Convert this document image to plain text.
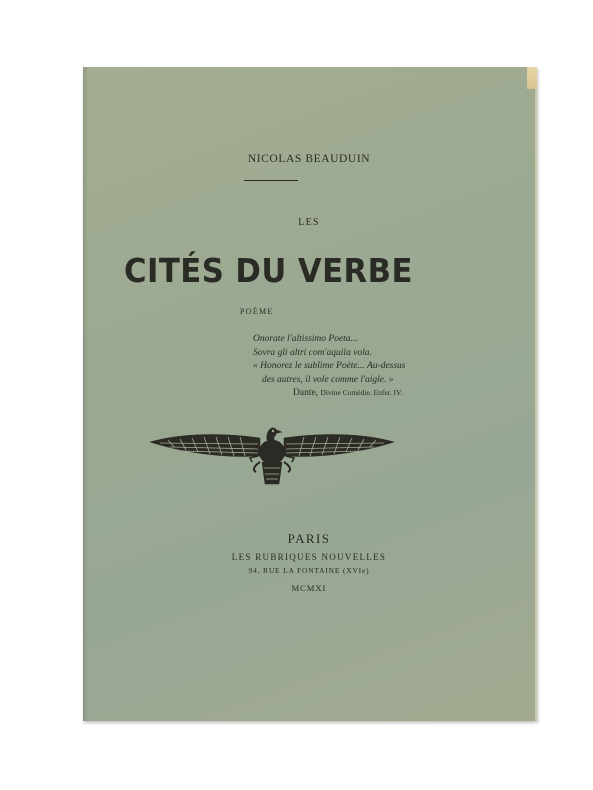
NICOLAS BEAUDUIN
LES
CITÉS DU VERBE
POÈME
Onorate l'altissimo Poeta...
Sovra gli altri com'aquila vola.
« Honorez le sublime Poète... Au-dessus
des autres, il vole comme l'aigle. »
Dante, Divine Comédie. Enfer. IV.
PARIS
LES RUBRIQUES NOUVELLES
94, RUE LA FONTAINE (XVIe)
MCMXI
